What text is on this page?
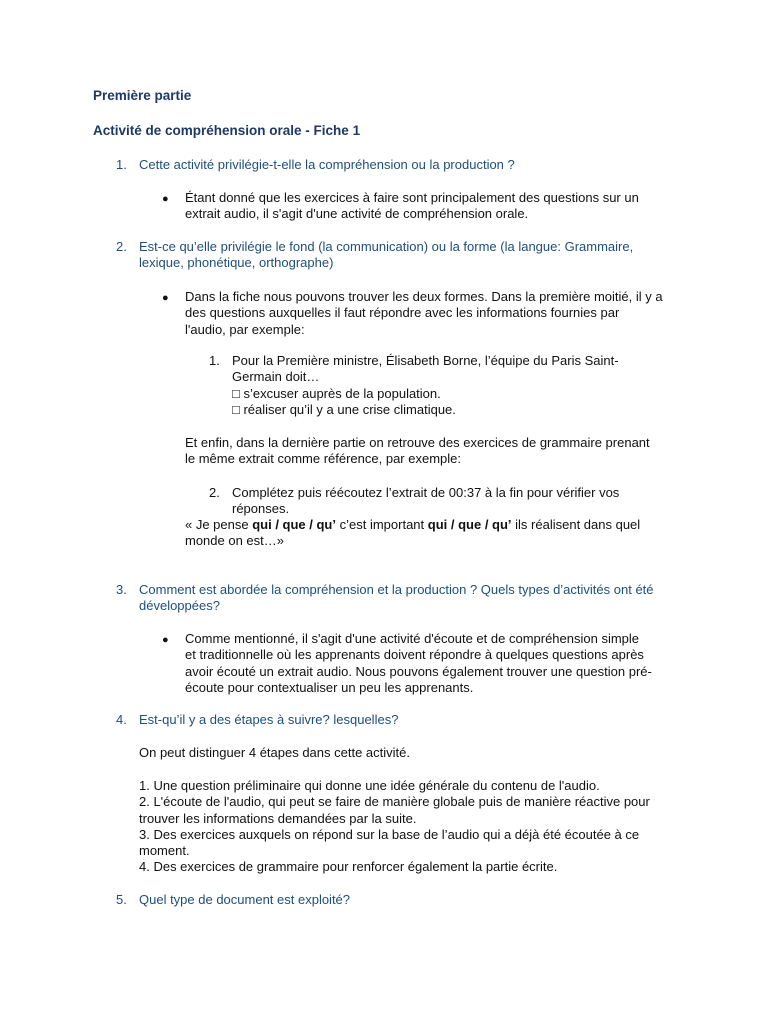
Première partie

Activité de compréhension orale - Fiche 1

1. Cette activité privilégie-t-elle la compréhension ou la production ?

● Étant donné que les exercices à faire sont principalement des questions sur un

extrait audio, il s'agit d'une activité de compréhension orale.

2. Est-ce qu’elle privilégie le fond (la communication) ou la forme (la langue: Grammaire,

lexique, phonétique, orthographe)

● Dans la fiche nous pouvons trouver les deux formes. Dans la première moitié, il y a

des questions auxquelles il faut répondre avec les informations fournies par

l'audio, par exemple:

1. Pour la Première ministre, Élisabeth Borne, l’équipe du Paris Saint-

Germain doit…

□ s’excuser auprès de la population.

□ réaliser qu’il y a une crise climatique.

Et enfin, dans la dernière partie on retrouve des exercices de grammaire prenant

le même extrait comme référence, par exemple:

2. Complétez puis réécoutez l’extrait de 00:37 à la fin pour vérifier vos

réponses.

« Je pense qui / que / qu’ c’est important qui / que / qu’ ils réalisent dans quel

monde on est…»

3. Comment est abordée la compréhension et la production ? Quels types d’activités ont été

développées?

● Comme mentionné, il s'agit d'une activité d'écoute et de compréhension simple

et traditionnelle où les apprenants doivent répondre à quelques questions après

avoir écouté un extrait audio. Nous pouvons également trouver une question pré-

écoute pour contextualiser un peu les apprenants.

4. Est-qu’il y a des étapes à suivre? lesquelles?

On peut distinguer 4 étapes dans cette activité.

1. Une question préliminaire qui donne une idée générale du contenu de l'audio.

2. L'écoute de l'audio, qui peut se faire de manière globale puis de manière réactive pour

trouver les informations demandées par la suite.

3. Des exercices auxquels on répond sur la base de l’audio qui a déjà été écoutée à ce

moment.

4. Des exercices de grammaire pour renforcer également la partie écrite.

5. Quel type de document est exploité?
